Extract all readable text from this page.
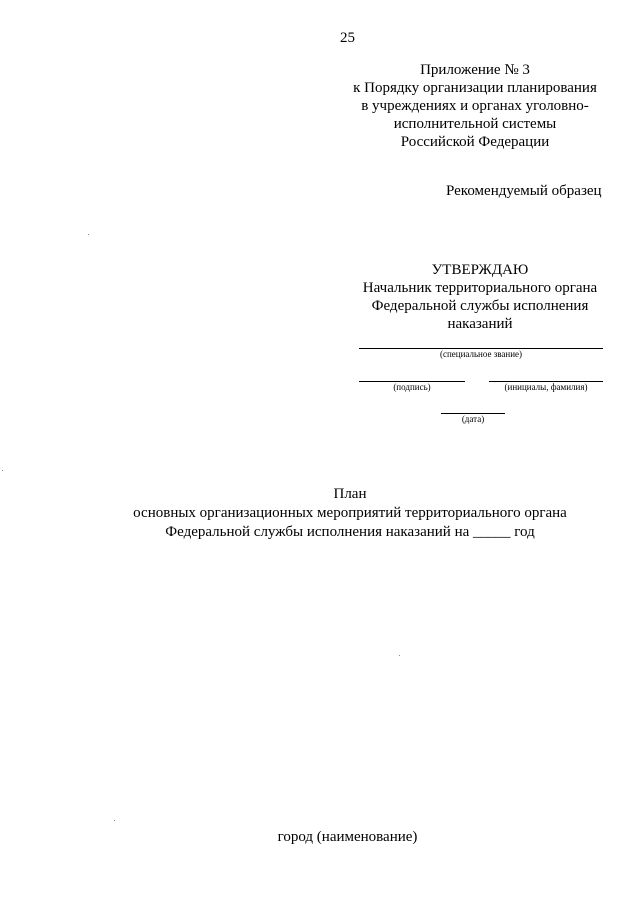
25
Приложение № 3
к Порядку организации планирования
в учреждениях и органах уголовно-
исполнительной системы
Российской Федерации
Рекомендуемый образец
УТВЕРЖДАЮ
Начальник территориального органа
Федеральной службы исполнения
наказаний
(специальное звание)
(подпись)	(инициалы, фамилия)
(дата)
План
основных организационных мероприятий территориального органа
Федеральной службы исполнения наказаний на _____ год
город (наименование)
